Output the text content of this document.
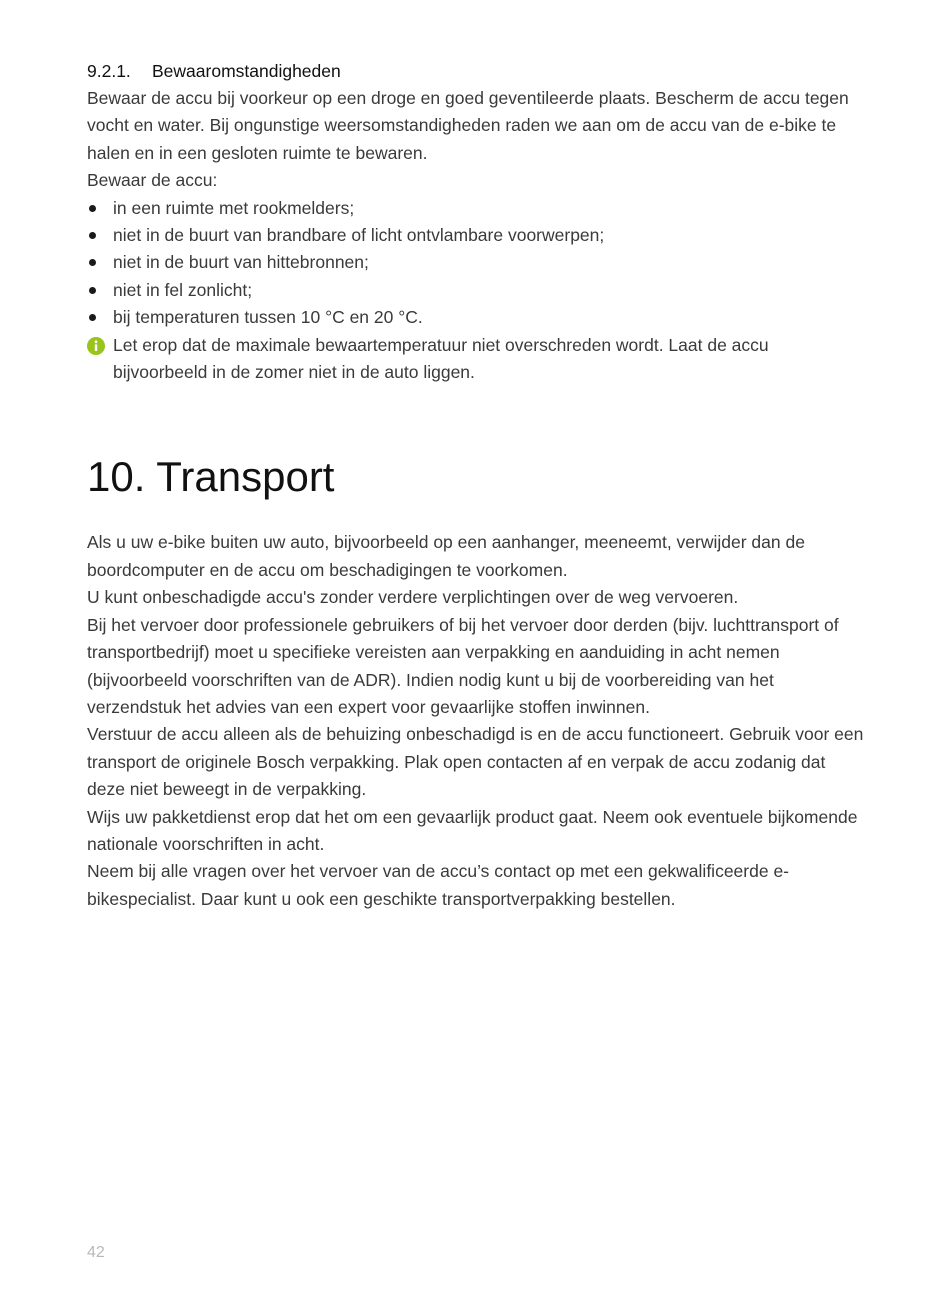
9.2.1.	Bewaaromstandigheden

Bewaar de accu bij voorkeur op een droge en goed geventileerde plaats. Bescherm de accu tegen vocht en water. Bij ongunstige weersomstandigheden raden we aan om de accu van de e-bike te halen en in een gesloten ruimte te bewaren.

Bewaar de accu:

in een ruimte met rookmelders;
niet in de buurt van brandbare of licht ontvlambare voorwerpen;
niet in de buurt van hittebronnen;
niet in fel zonlicht;
bij temperaturen tussen 10 °C en 20 °C.
Let erop dat de maximale bewaartemperatuur niet overschreden wordt. Laat de accu bijvoorbeeld in de zomer niet in de auto liggen.
10. Transport

Als u uw e-bike buiten uw auto, bijvoorbeeld op een aanhanger, meeneemt, verwijder dan de boordcomputer en de accu om beschadigingen te voorkomen.

U kunt onbeschadigde accu's zonder verdere verplichtingen over de weg vervoeren.

Bij het vervoer door professionele gebruikers of bij het vervoer door derden (bijv. luchttransport of transportbedrijf) moet u specifieke vereisten aan verpakking en aanduiding in acht nemen (bijvoorbeeld voorschriften van de ADR). Indien nodig kunt u bij de voorbereiding van het verzendstuk het advies van een expert voor gevaarlijke stoffen inwinnen.

Verstuur de accu alleen als de behuizing onbeschadigd is en de accu functioneert. Gebruik voor een transport de originele Bosch verpakking. Plak open contacten af en verpak de accu zodanig dat deze niet beweegt in de verpakking.

Wijs uw pakketdienst erop dat het om een gevaarlijk product gaat. Neem ook eventuele bijkomende nationale voorschriften in acht.

Neem bij alle vragen over het vervoer van de accu’s contact op met een gekwalificeerde e-bikespecialist. Daar kunt u ook een geschikte transportverpakking bestellen.

42
